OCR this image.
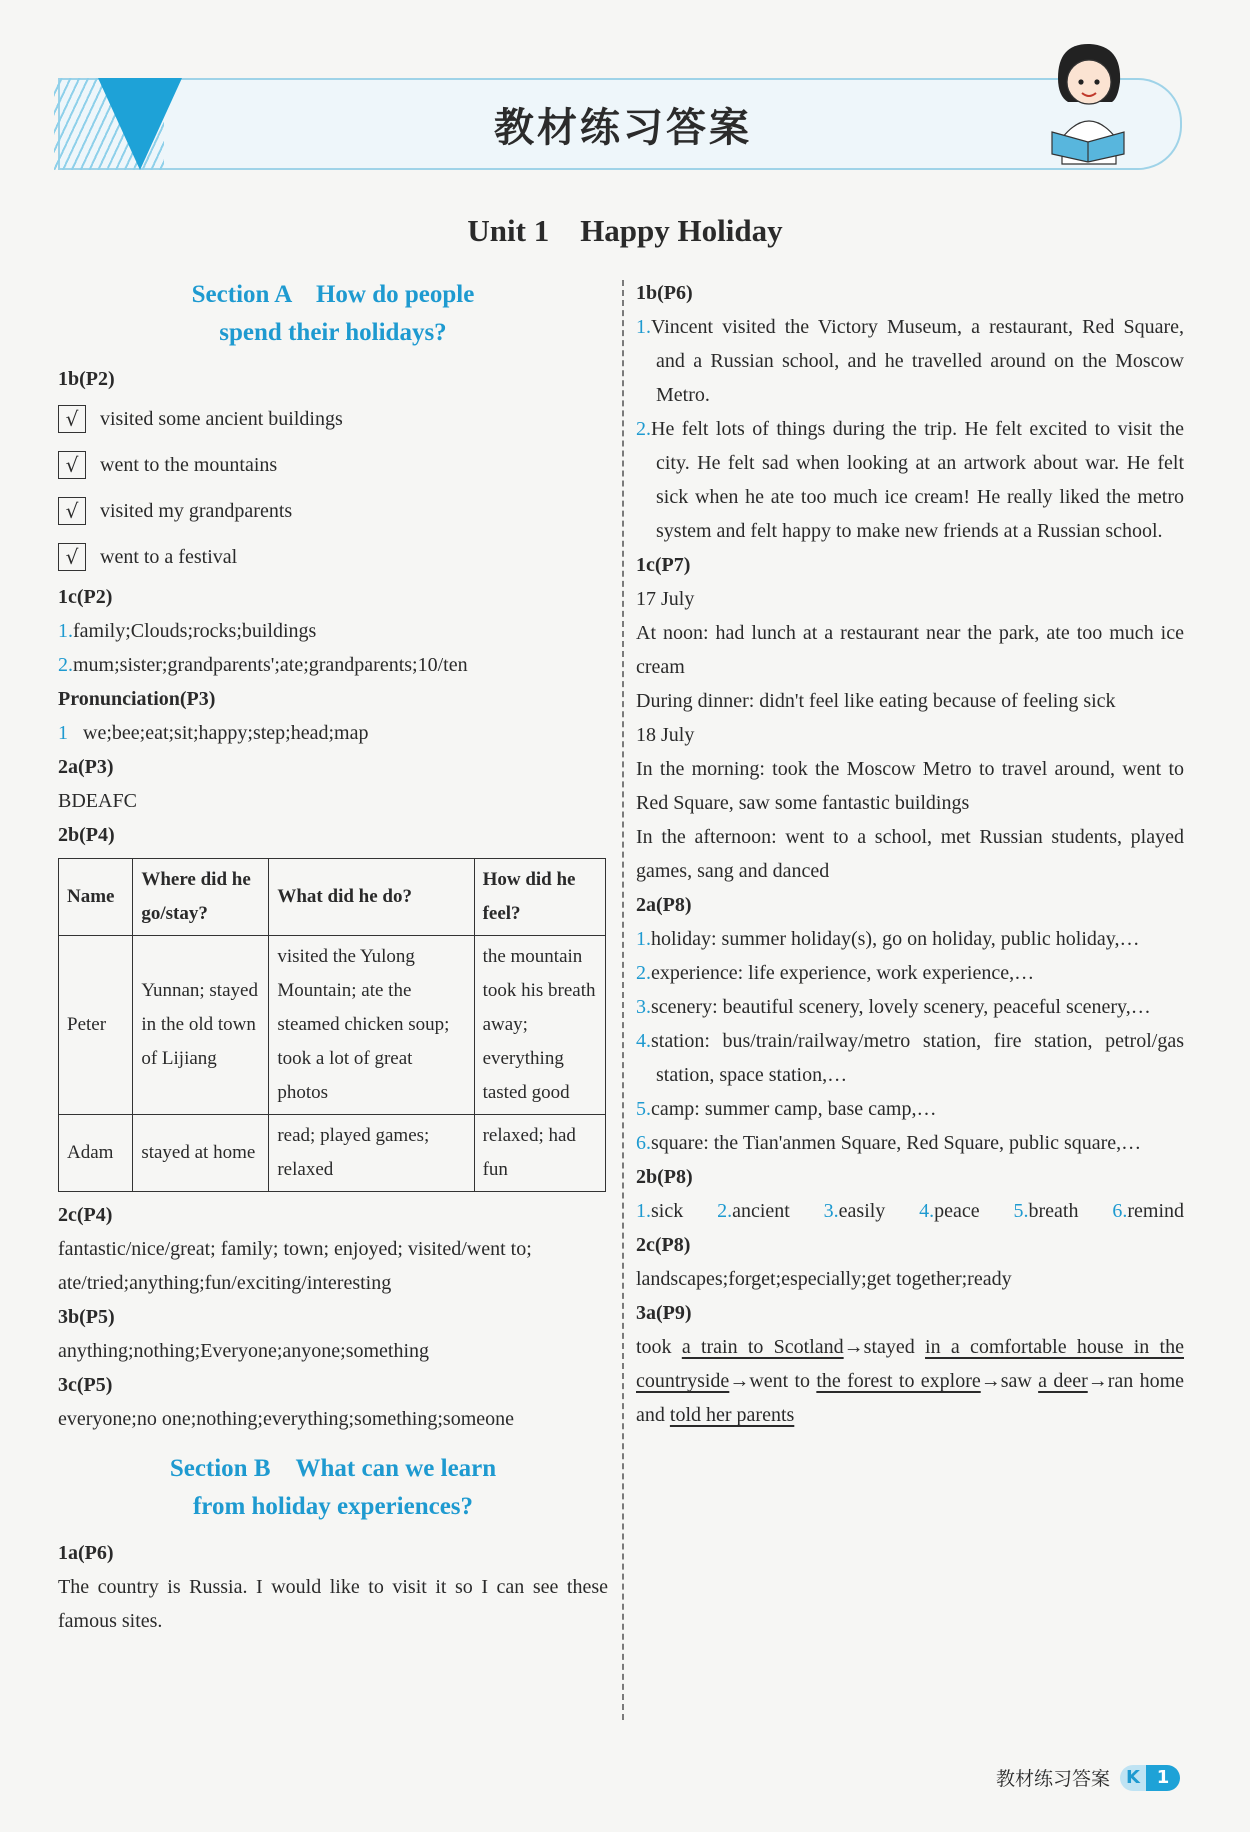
教材练习答案
Unit 1　Happy Holiday
Section A　How do people
spend their holidays?
1b(P2)
√	visited some ancient buildings
√	went to the mountains
√	visited my grandparents
√	went to a festival
1c(P2)
1.family;Clouds;rocks;buildings
2.mum;sister;grandparents';ate;grandparents;10/ten
Pronunciation(P3)
1 we;bee;eat;sit;happy;step;head;map
2a(P3)
BDEAFC
2b(P4)
Name	Where did he go/stay?	What did he do?	How did he feel?
Peter	Yunnan; stayed in the old town of Lijiang	visited the Yulong Mountain; ate the steamed chicken soup; took a lot of great photos	the mountain took his breath away; everything tasted good
Adam	stayed at home	read; played games; relaxed	relaxed; had fun
2c(P4)
fantastic/nice/great; family; town; enjoyed; visited/went to;
ate/tried;anything;fun/exciting/interesting
3b(P5)
anything;nothing;Everyone;anyone;something
3c(P5)
everyone;no one;nothing;everything;something;someone
Section B　What can we learn
from holiday experiences?
1a(P6)
The country is Russia. I would like to visit it so I can see these famous sites.
1b(P6)
1.Vincent visited the Victory Museum, a restaurant, Red Square, and a Russian school, and he travelled around on the Moscow Metro.
2.He felt lots of things during the trip. He felt excited to visit the city. He felt sad when looking at an artwork about war. He felt sick when he ate too much ice cream! He really liked the metro system and felt happy to make new friends at a Russian school.
1c(P7)
17 July
At noon: had lunch at a restaurant near the park, ate too much ice cream
During dinner: didn't feel like eating because of feeling sick
18 July
In the morning: took the Moscow Metro to travel around, went to Red Square, saw some fantastic buildings
In the afternoon: went to a school, met Russian students, played games, sang and danced
2a(P8)
1.holiday: summer holiday(s), go on holiday, public holiday,…
2.experience: life experience, work experience,…
3.scenery: beautiful scenery, lovely scenery, peaceful scenery,…
4.station: bus/train/railway/metro station, fire station, petrol/gas station, space station,…
5.camp: summer camp, base camp,…
6.square: the Tian'anmen Square, Red Square, public square,…
2b(P8)
1.sick 2.ancient 3.easily 4.peace 5.breath 6.remind
2c(P8)
landscapes;forget;especially;get together;ready
3a(P9)
took a train to Scotland→stayed in a comfortable house in the countryside→went to the forest to explore→saw a deer→ran home and told her parents
教材练习答案 K 1
